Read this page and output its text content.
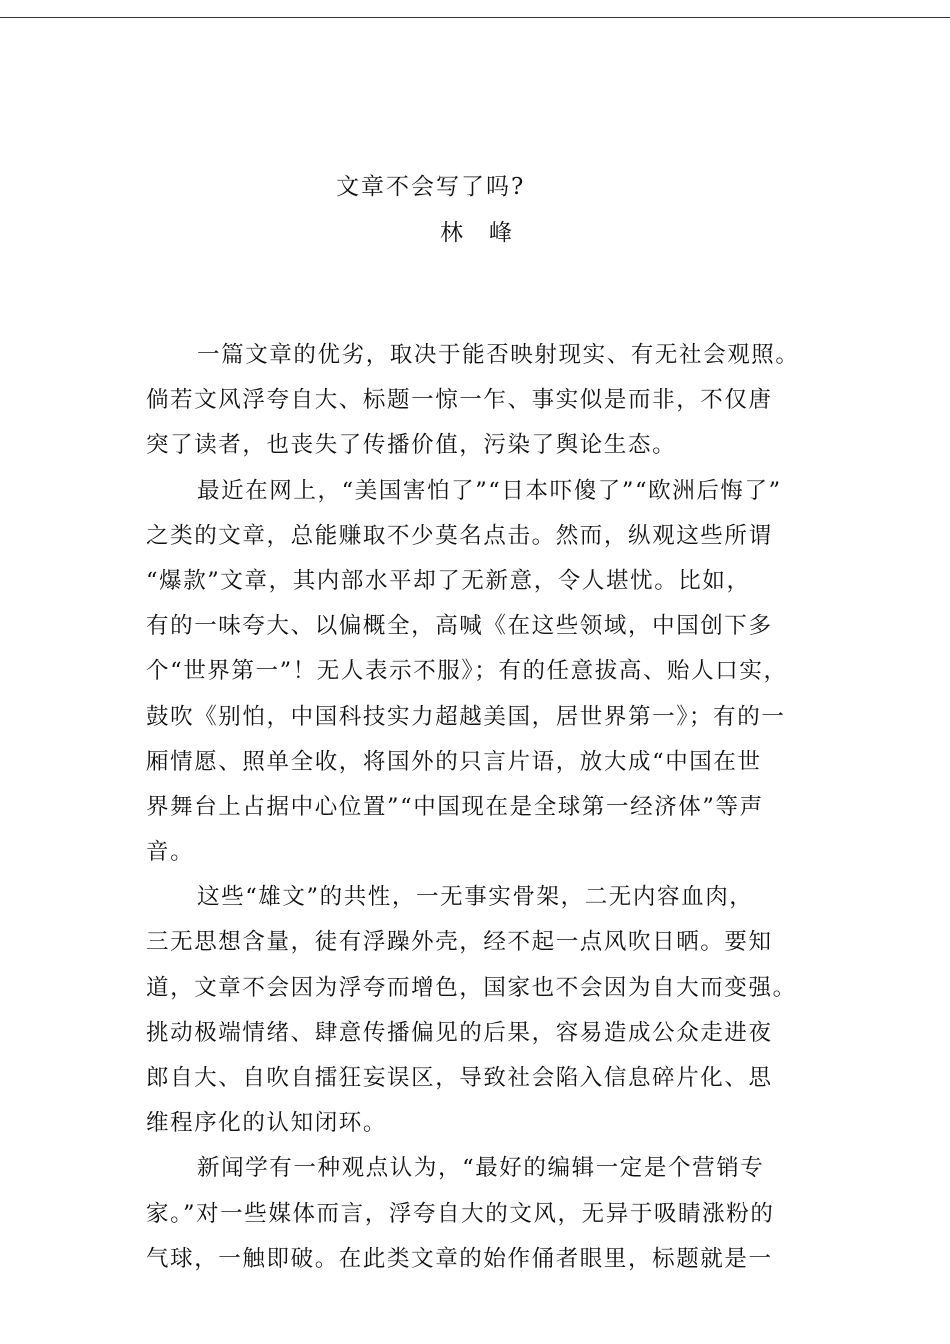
文章不会写了吗?
林峰
一篇文章的优劣，取决于能否映射现实、有无社会观照。
倘若文风浮夸自大、标题一惊一乍、事实似是而非，不仅唐
突了读者，也丧失了传播价值，污染了舆论生态。
最近在网上，“美国害怕了”“日本吓傻了”“欧洲后悔了”
之类的文章，总能赚取不少莫名点击。然而，纵观这些所谓
“爆款”文章，其内部水平却了无新意，令人堪忧。比如，
有的一味夸大、以偏概全，高喊《在这些领域，中国创下多
个“世界第一”！无人表示不服》；有的任意拔高、贻人口实，
鼓吹《别怕，中国科技实力超越美国，居世界第一》；有的一
厢情愿、照单全收，将国外的只言片语，放大成“中国在世
界舞台上占据中心位置”“中国现在是全球第一经济体”等声
音。
这些“雄文”的共性，一无事实骨架，二无内容血肉，
三无思想含量，徒有浮躁外壳，经不起一点风吹日晒。要知
道，文章不会因为浮夸而增色，国家也不会因为自大而变强。
挑动极端情绪、肆意传播偏见的后果，容易造成公众走进夜
郎自大、自吹自擂狂妄误区，导致社会陷入信息碎片化、思
维程序化的认知闭环。
新闻学有一种观点认为，“最好的编辑一定是个营销专
家。”对一些媒体而言，浮夸自大的文风，无异于吸睛涨粉的
气球，一触即破。在此类文章的始作俑者眼里，标题就是一
